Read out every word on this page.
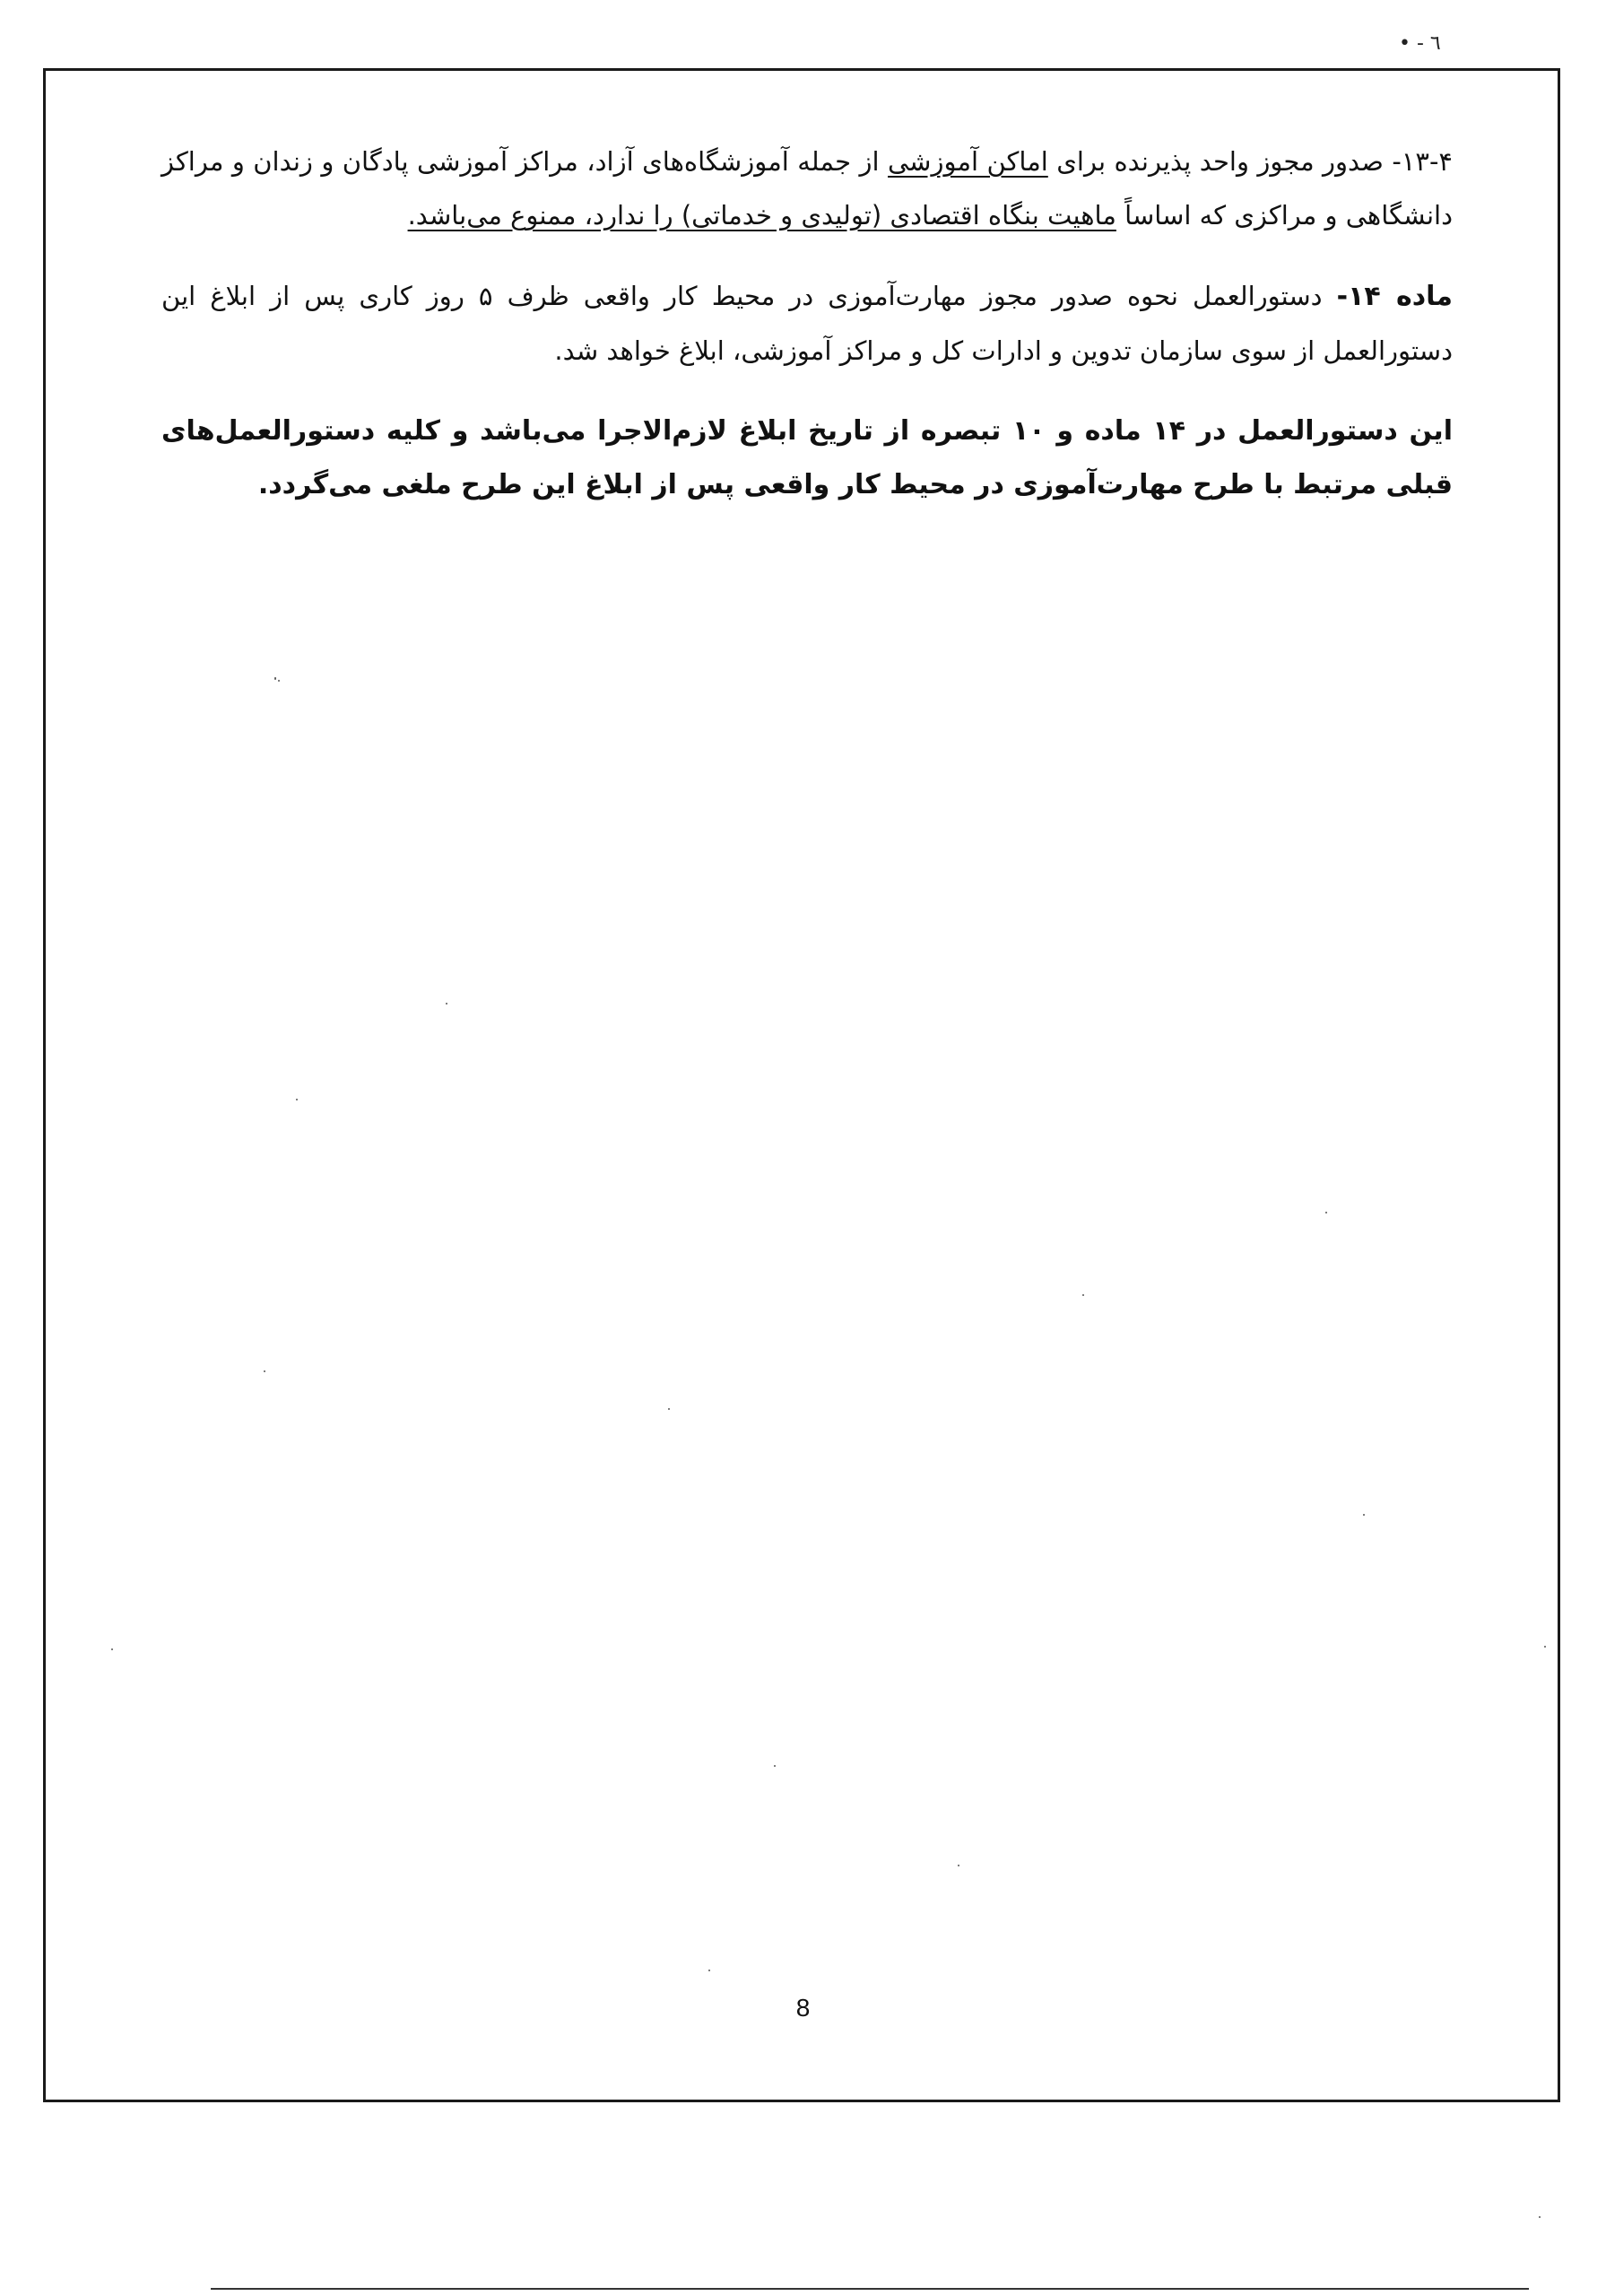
• - ٦

۱۳-۴- صدور مجوز واحد پذیرنده برای اماکن آموزشی از جمله آموزشگاه‌های آزاد، مراکز آموزشی پادگان و زندان و مراکز دانشگاهی و مراکزی که اساساً ماهیت بنگاه اقتصادی (تولیدی و خدماتی) را ندارد، ممنوع می‌باشد.

ماده ۱۴- دستورالعمل نحوه صدور مجوز مهارت‌آموزی در محیط کار واقعی ظرف ۵ روز کاری پس از ابلاغ این دستورالعمل از سوی سازمان تدوین و ادارات کل و مراکز آموزشی، ابلاغ خواهد شد.

این دستورالعمل در ۱۴ ماده و ۱۰ تبصره از تاریخ ابلاغ لازم‌الاجرا می‌باشد و کلیه دستورالعمل‌های قبلی مرتبط با طرح مهارت‌آموزی در محیط کار واقعی پس از ابلاغ این طرح ملغی می‌گردد.

8
